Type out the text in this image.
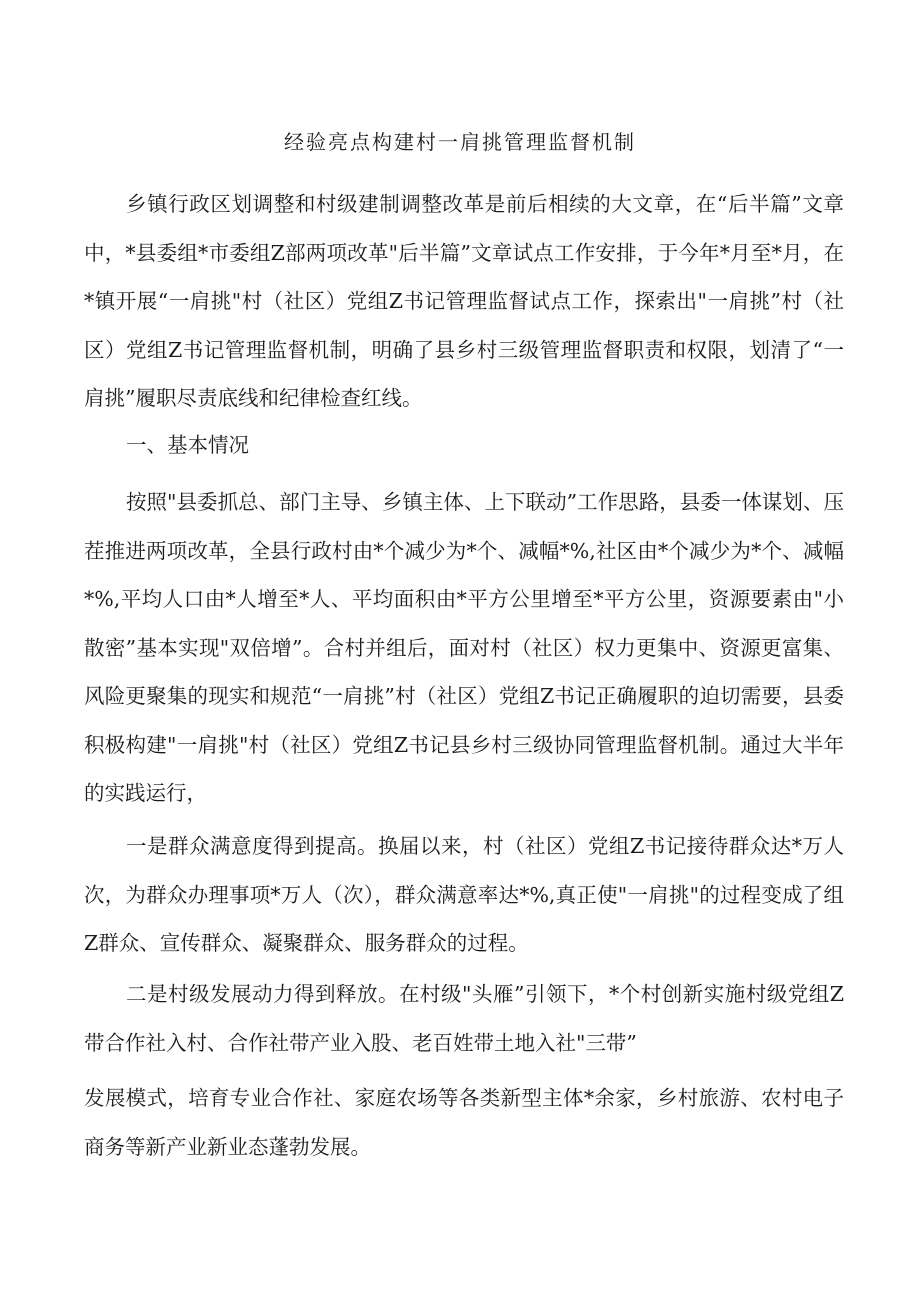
经验亮点构建村一肩挑管理监督机制

乡镇行政区划调整和村级建制调整改革是前后相续的大文章，在“后半篇”文章中，*县委组*市委组Z部两项改革"后半篇”文章试点工作安排，于今年*月至*月，在*镇开展“一肩挑"村（社区）党组Z书记管理监督试点工作，探索出"一肩挑”村（社区）党组Z书记管理监督机制，明确了县乡村三级管理监督职责和权限，划清了“一肩挑”履职尽责底线和纪律检查红线。

一、基本情况

按照"县委抓总、部门主导、乡镇主体、上下联动”工作思路，县委一体谋划、压茬推进两项改革，全县行政村由*个减少为*个、减幅*%,社区由*个减少为*个、减幅*%,平均人口由*人增至*人、平均面积由*平方公里增至*平方公里，资源要素由"小散密”基本实现"双倍增”。合村并组后，面对村（社区）权力更集中、资源更富集、风险更聚集的现实和规范“一肩挑”村（社区）党组Z书记正确履职的迫切需要，县委积极构建"一肩挑"村（社区）党组Z书记县乡村三级协同管理监督机制。通过大半年的实践运行，

一是群众满意度得到提高。换届以来，村（社区）党组Z书记接待群众达*万人次，为群众办理事项*万人（次），群众满意率达*%,真正使"一肩挑"的过程变成了组Z群众、宣传群众、凝聚群众、服务群众的过程。

二是村级发展动力得到释放。在村级"头雁”引领下，*个村创新实施村级党组Z带合作社入村、合作社带产业入股、老百姓带土地入社"三带”

发展模式，培育专业合作社、家庭农场等各类新型主体*余家，乡村旅游、农村电子商务等新产业新业态蓬勃发展。
